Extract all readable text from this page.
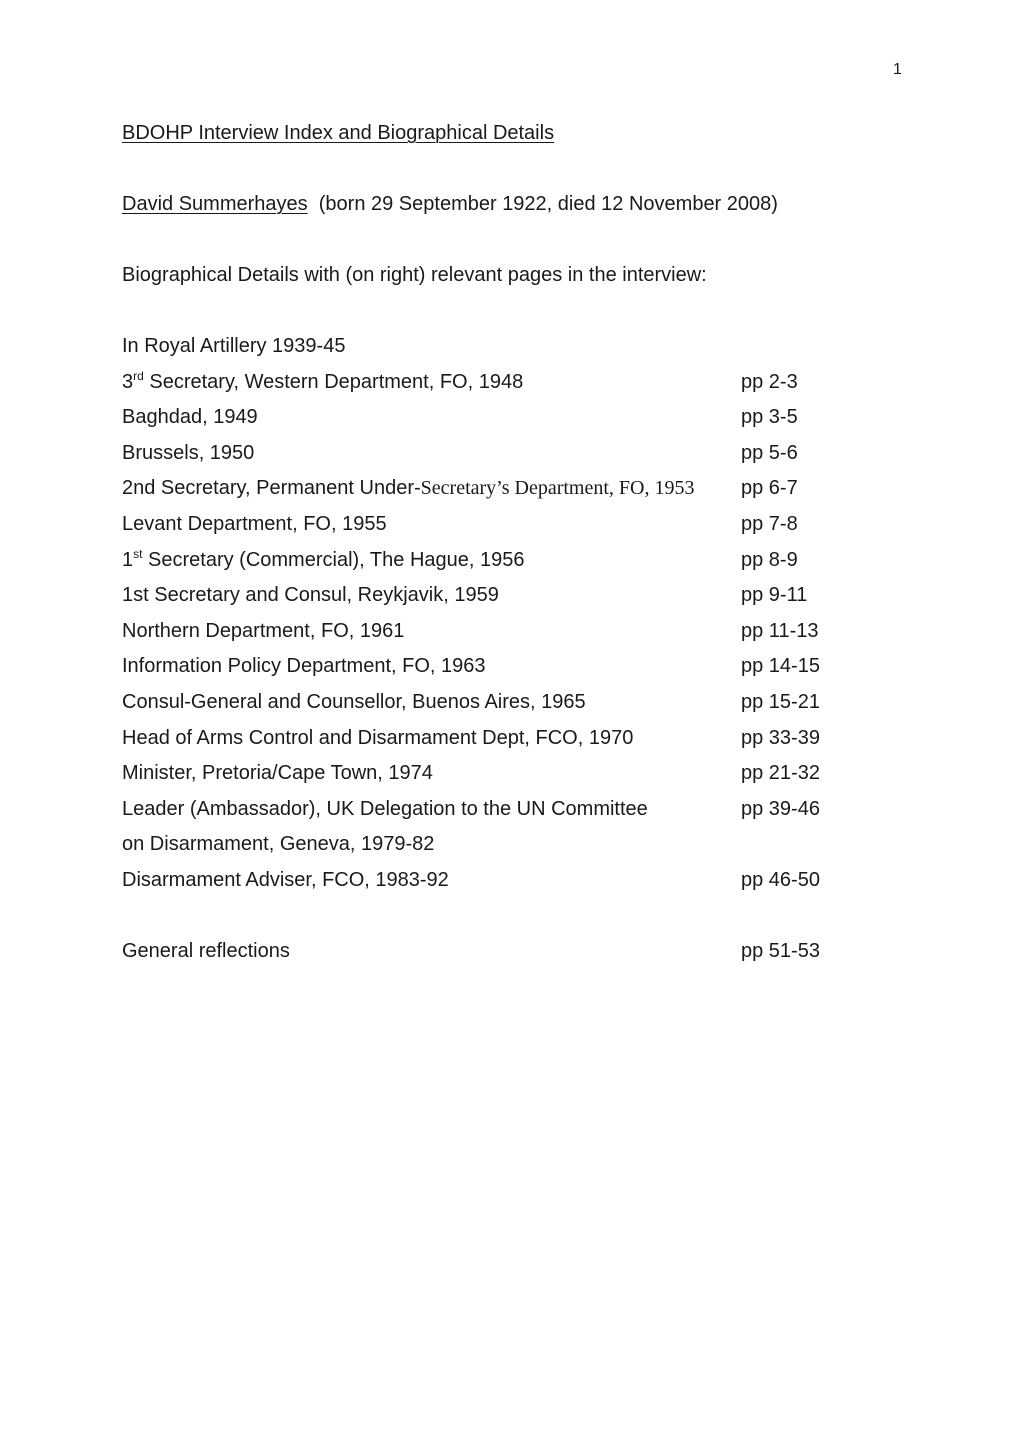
1
BDOHP Interview Index and Biographical Details
David Summerhayes (born 29 September 1922, died 12 November 2008)
Biographical Details with (on right) relevant pages in the interview:
In Royal Artillery 1939-45
3rd Secretary, Western Department, FO, 1948	pp 2-3
Baghdad, 1949	pp 3-5
Brussels, 1950	pp 5-6
2nd Secretary, Permanent Under-Secretary’s Department, FO, 1953 pp 6-7
Levant Department, FO, 1955	pp 7-8
1st Secretary (Commercial), The Hague, 1956	pp 8-9
1st Secretary and Consul, Reykjavik, 1959	pp 9-11
Northern Department, FO, 1961	pp 11-13
Information Policy Department, FO, 1963	pp 14-15
Consul-General and Counsellor, Buenos Aires, 1965	pp 15-21
Head of Arms Control and Disarmament Dept, FCO, 1970	pp 33-39
Minister, Pretoria/Cape Town, 1974	pp 21-32
Leader (Ambassador), UK Delegation to the UN Committee	pp 39-46
on Disarmament, Geneva, 1979-82
Disarmament Adviser, FCO, 1983-92	pp 46-50
General reflections	pp 51-53
